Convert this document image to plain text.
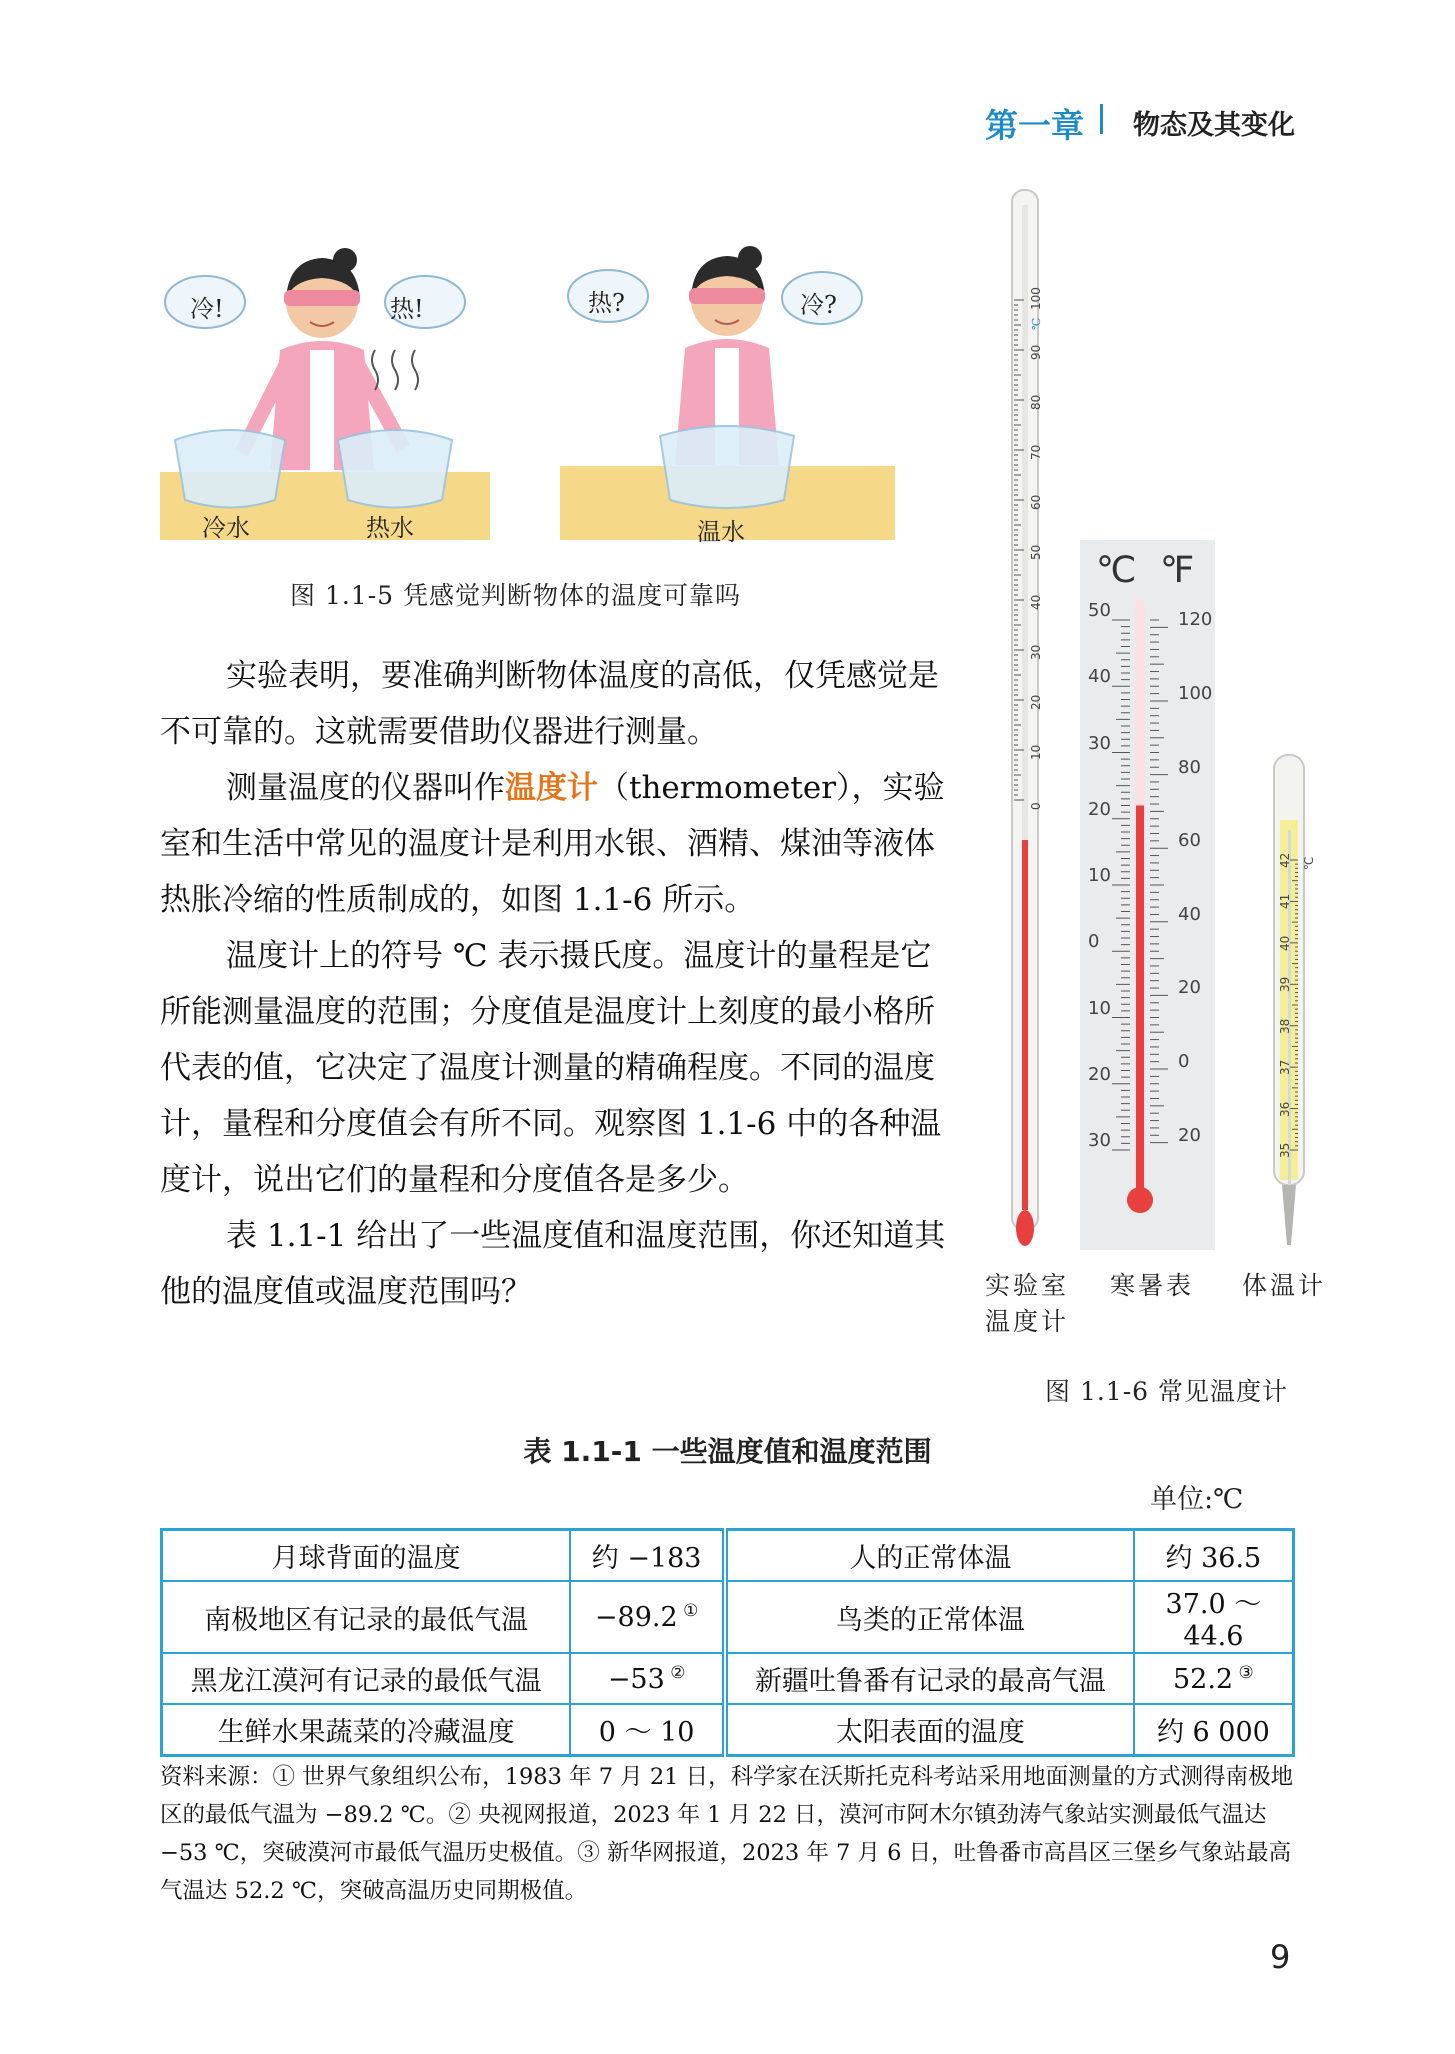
第一章 物态及其变化
冷!	热!
冷水	热水
热?	冷?
温水
图 1.1-5 凭感觉判断物体的温度可靠吗

实验表明，要准确判断物体温度的高低，仅凭感觉是不可靠的。这就需要借助仪器进行测量。

测量温度的仪器叫作温度计（thermometer），实验室和生活中常见的温度计是利用水银、酒精、煤油等液体热胀冷缩的性质制成的，如图 1.1-6 所示。

温度计上的符号 ℃ 表示摄氏度。温度计的量程是它所能测量温度的范围；分度值是温度计上刻度的最小格所代表的值，它决定了温度计测量的精确程度。不同的温度计，量程和分度值会有所不同。观察图 1.1-6 中的各种温度计，说出它们的量程和分度值各是多少。

表 1.1-1 给出了一些温度值和温度范围，你还知道其他的温度值或温度范围吗？

℃
100
90
80
70
60
50
40
30
20
10
0
℃ ℉
50
40
30
20
10
0
10
20
30
120
100
80
60
40
20
0
20
35
36
37
38
39
40
41
42 ℃
实验室温度计
寒暑表 体温计
图 1.1-6 常见温度计
表 1.1-1 一些温度值和温度范围
单位:℃
月球背面的温度	约 −183	人的正常体温	约 36.5
南极地区有记录的最低气温	−89.2 ①	鸟类的正常体温	37.0 ～ 44.6
黑龙江漠河有记录的最低气温	−53 ②	新疆吐鲁番有记录的最高气温	52.2 ③
生鲜水果蔬菜的冷藏温度	0 ～ 10	太阳表面的温度	约 6 000
资料来源：① 世界气象组织公布，1983 年 7 月 21 日，科学家在沃斯托克科考站采用地面测量的方式测得南极地区的最低气温为 −89.2 ℃。② 央视网报道，2023 年 1 月 22 日，漠河市阿木尔镇劲涛气象站实测最低气温达 −53 ℃，突破漠河市最低气温历史极值。③ 新华网报道，2023 年 7 月 6 日，吐鲁番市高昌区三堡乡气象站最高气温达 52.2 ℃，突破高温历史同期极值。
9
